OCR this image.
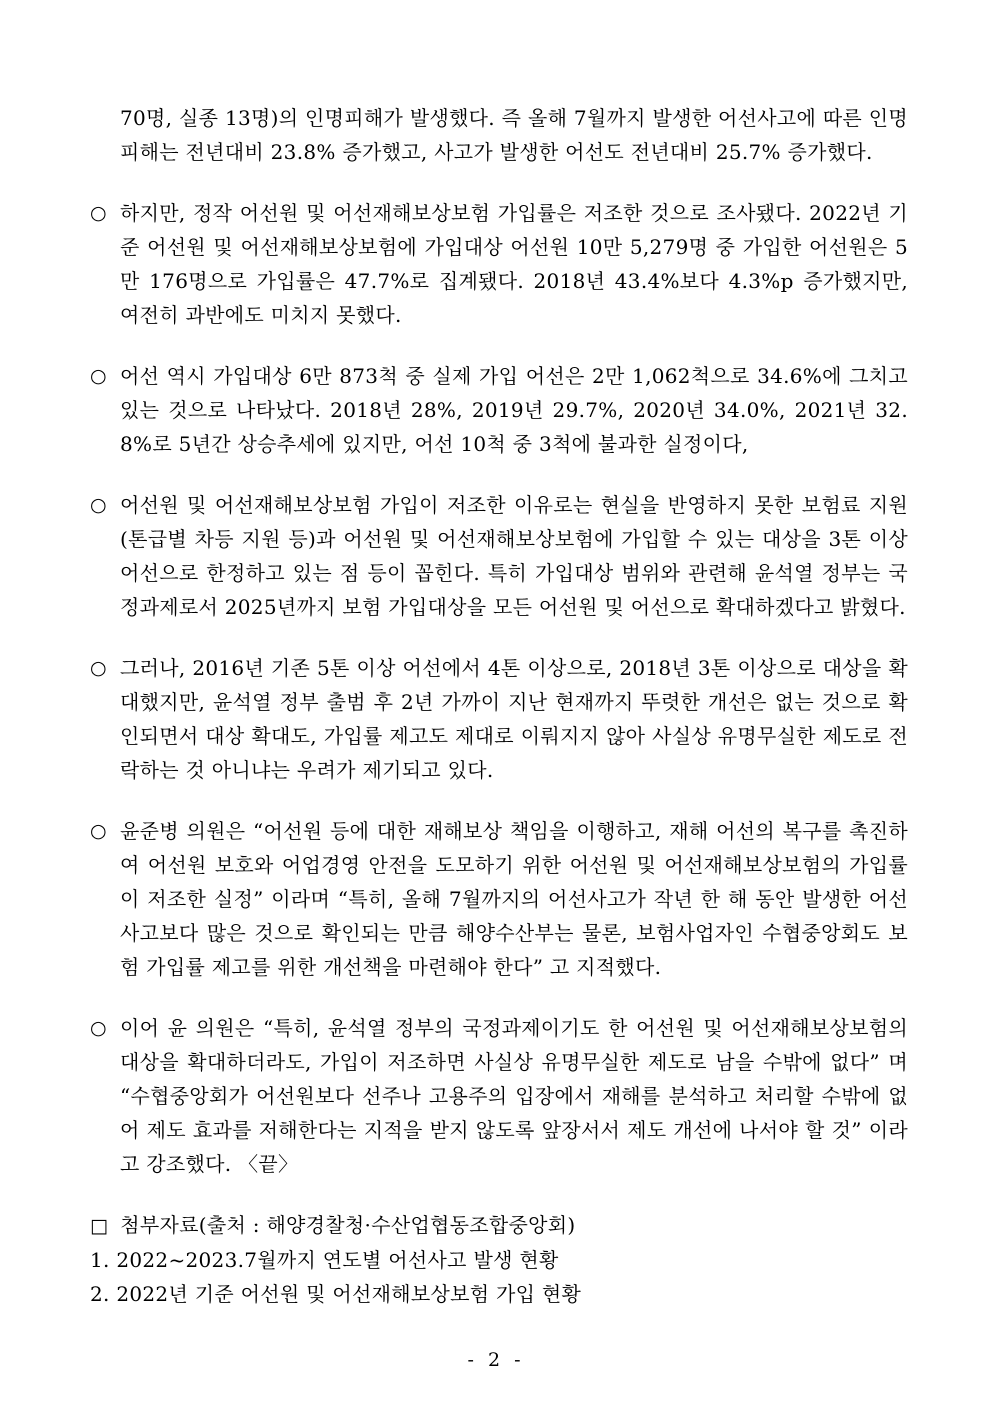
70명, 실종 13명)의 인명피해가 발생했다. 즉 올해 7월까지 발생한 어선사고에 따른 인명피해는 전년대비 23.8% 증가했고, 사고가 발생한 어선도 전년대비 25.7% 증가했다.
○ 하지만, 정작 어선원 및 어선재해보상보험 가입률은 저조한 것으로 조사됐다. 2022년 기준 어선원 및 어선재해보상보험에 가입대상 어선원 10만 5,279명 중 가입한 어선원은 5만 176명으로 가입률은 47.7%로 집계됐다. 2018년 43.4%보다 4.3%p 증가했지만, 여전히 과반에도 미치지 못했다.
○ 어선 역시 가입대상 6만 873척 중 실제 가입 어선은 2만 1,062척으로 34.6%에 그치고 있는 것으로 나타났다. 2018년 28%, 2019년 29.7%, 2020년 34.0%, 2021년 32.8%로 5년간 상승추세에 있지만, 어선 10척 중 3척에 불과한 실정이다,
○ 어선원 및 어선재해보상보험 가입이 저조한 이유로는 현실을 반영하지 못한 보험료 지원(톤급별 차등 지원 등)과 어선원 및 어선재해보상보험에 가입할 수 있는 대상을 3톤 이상 어선으로 한정하고 있는 점 등이 꼽힌다. 특히 가입대상 범위와 관련해 윤석열 정부는 국정과제로서 2025년까지 보험 가입대상을 모든 어선원 및 어선으로 확대하겠다고 밝혔다.
○ 그러나, 2016년 기존 5톤 이상 어선에서 4톤 이상으로, 2018년 3톤 이상으로 대상을 확대했지만, 윤석열 정부 출범 후 2년 가까이 지난 현재까지 뚜렷한 개선은 없는 것으로 확인되면서 대상 확대도, 가입률 제고도 제대로 이뤄지지 않아 사실상 유명무실한 제도로 전락하는 것 아니냐는 우려가 제기되고 있다.
○ 윤준병 의원은 “어선원 등에 대한 재해보상 책임을 이행하고, 재해 어선의 복구를 촉진하여 어선원 보호와 어업경영 안전을 도모하기 위한 어선원 및 어선재해보상보험의 가입률이 저조한 실정” 이라며 “특히, 올해 7월까지의 어선사고가 작년 한 해 동안 발생한 어선사고보다 많은 것으로 확인되는 만큼 해양수산부는 물론, 보험사업자인 수협중앙회도 보험 가입률 제고를 위한 개선책을 마련해야 한다” 고 지적했다.
○ 이어 윤 의원은 “특히, 윤석열 정부의 국정과제이기도 한 어선원 및 어선재해보상보험의 대상을 확대하더라도, 가입이 저조하면 사실상 유명무실한 제도로 남을 수밖에 없다” 며 “수협중앙회가 어선원보다 선주나 고용주의 입장에서 재해를 분석하고 처리할 수밖에 없어 제도 효과를 저해한다는 지적을 받지 않도록 앞장서서 제도 개선에 나서야 할 것” 이라고 강조했다. 〈끝〉
□ 첨부자료(출처 : 해양경찰청·수산업협동조합중앙회)
1. 2022~2023.7월까지 연도별 어선사고 발생 현황
2. 2022년 기준 어선원 및 어선재해보상보험 가입 현황
- 2 -
